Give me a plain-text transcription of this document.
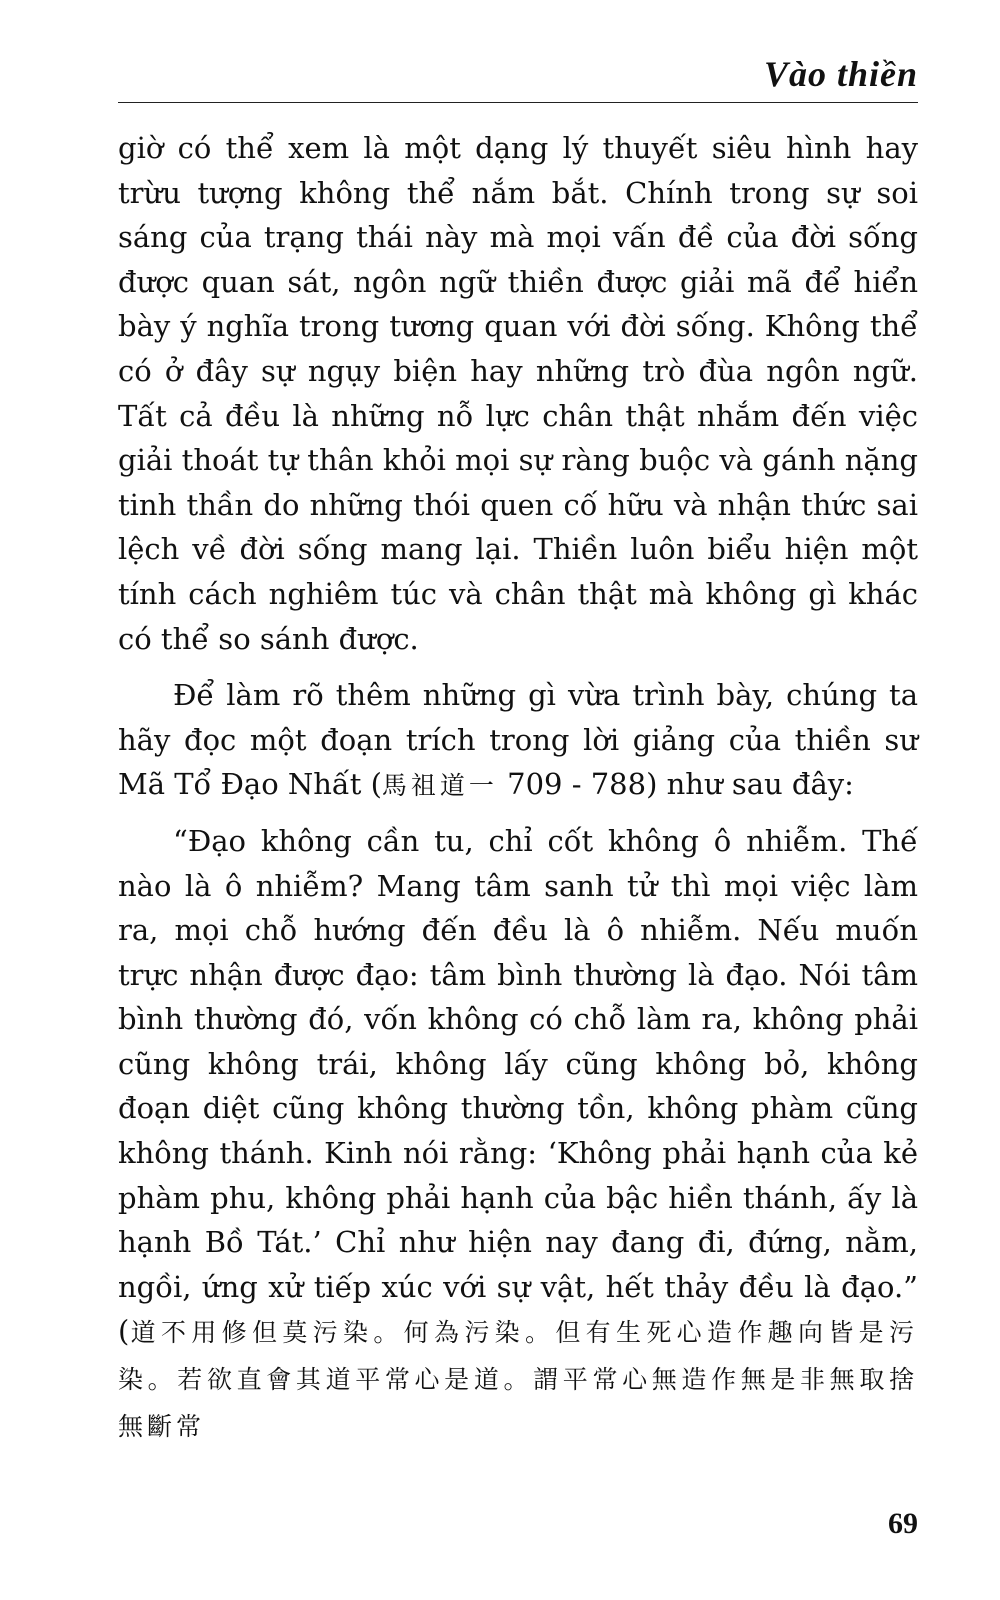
Vào thiền

giờ có thể xem là một dạng lý thuyết siêu hình hay trừu tượng không thể nắm bắt. Chính trong sự soi sáng của trạng thái này mà mọi vấn đề của đời sống được quan sát, ngôn ngữ thiền được giải mã để hiển bày ý nghĩa trong tương quan với đời sống. Không thể có ở đây sự ngụy biện hay những trò đùa ngôn ngữ. Tất cả đều là những nỗ lực chân thật nhắm đến việc giải thoát tự thân khỏi mọi sự ràng buộc và gánh nặng tinh thần do những thói quen cố hữu và nhận thức sai lệch về đời sống mang lại. Thiền luôn biểu hiện một tính cách nghiêm túc và chân thật mà không gì khác có thể so sánh được.

Để làm rõ thêm những gì vừa trình bày, chúng ta hãy đọc một đoạn trích trong lời giảng của thiền sư Mã Tổ Đạo Nhất (馬祖道一 709 - 788) như sau đây:

“Đạo không cần tu, chỉ cốt không ô nhiễm. Thế nào là ô nhiễm? Mang tâm sanh tử thì mọi việc làm ra, mọi chỗ hướng đến đều là ô nhiễm. Nếu muốn trực nhận được đạo: tâm bình thường là đạo. Nói tâm bình thường đó, vốn không có chỗ làm ra, không phải cũng không trái, không lấy cũng không bỏ, không đoạn diệt cũng không thường tồn, không phàm cũng không thánh. Kinh nói rằng: ‘Không phải hạnh của kẻ phàm phu, không phải hạnh của bậc hiền thánh, ấy là hạnh Bồ Tát.’ Chỉ như hiện nay đang đi, đứng, nằm, ngồi, ứng xử tiếp xúc với sự vật, hết thảy đều là đạo.” (道不用修但莫污染。何為污染。但有生死心造作趣向皆是污染。若欲直會其道平常心是道。謂平常心無造作無是非無取捨無斷常

69
